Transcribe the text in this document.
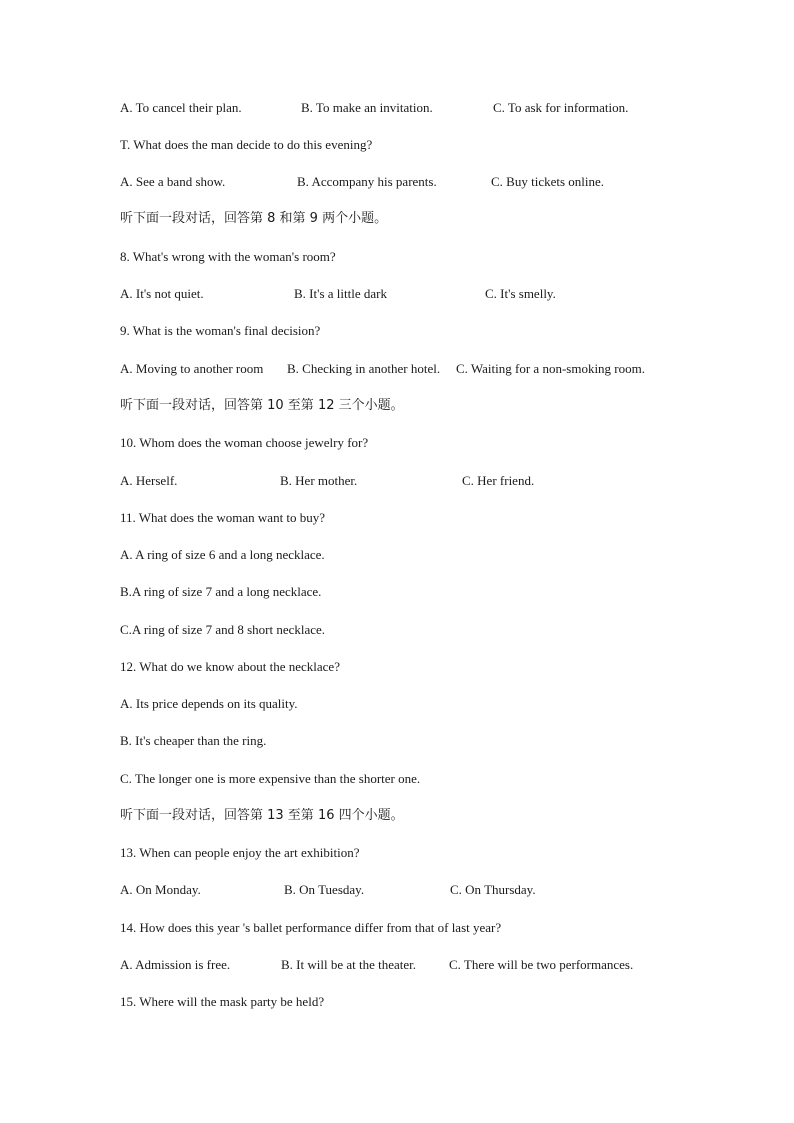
A. To cancel their plan.	B. To make an invitation.	C. To ask for information.
T. What does the man decide to do this evening?
A. See a band show.	B. Accompany his parents.	C. Buy tickets online.
听下面一段对话，回答第 8 和第 9 两个小题。
8. What's wrong with the woman's room?
A. It's not quiet.	B. It's a little dark	C. It's smelly.
9. What is the woman's final decision?
A. Moving to another room B. Checking in another hotel. C. Waiting for a non-smoking room.
听下面一段对话，回答第 10 至第 12 三个小题。
10. Whom does the woman choose jewelry for?
A. Herself.	B. Her mother.	C. Her friend.
11. What does the woman want to buy?
A. A ring of size 6 and a long necklace.
B.A ring of size 7 and a long necklace.
C.A ring of size 7 and 8 short necklace.
12. What do we know about the necklace?
A. Its price depends on its quality.
B. It's cheaper than the ring.
C. The longer one is more expensive than the shorter one.
听下面一段对话，回答第 13 至第 16 四个小题。
13. When can people enjoy the art exhibition?
A. On Monday.	B. On Tuesday.	C. On Thursday.
14. How does this year 's ballet performance differ from that of last year?
A. Admission is free.	B. It will be at the theater.	C. There will be two performances.
15. Where will the mask party be held?
